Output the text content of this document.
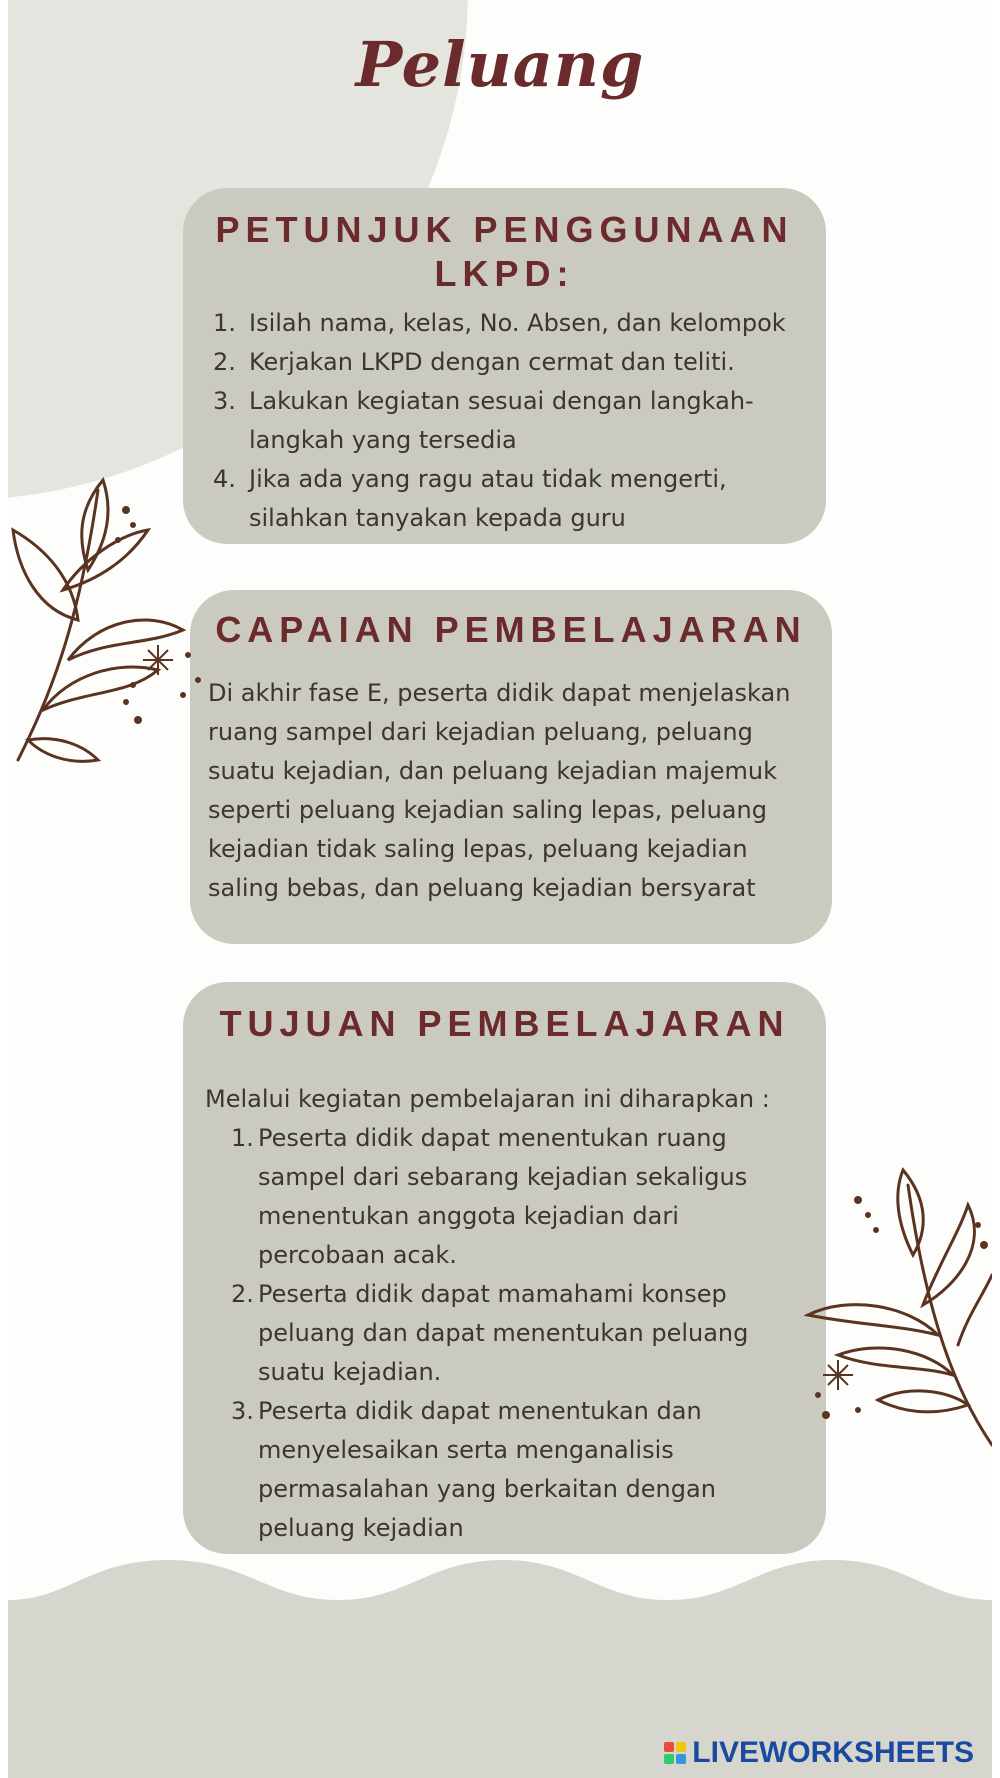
Peluang
PETUNJUK PENGGUNAAN LKPD:
1. Isilah nama, kelas, No. Absen, dan kelompok
2. Kerjakan LKPD dengan cermat dan teliti.
3. Lakukan kegiatan sesuai dengan langkah-langkah yang tersedia
4. Jika ada yang ragu atau tidak mengerti, silahkan tanyakan kepada guru
CAPAIAN PEMBELAJARAN
Di akhir fase E, peserta didik dapat menjelaskan ruang sampel dari kejadian peluang, peluang suatu kejadian, dan peluang kejadian majemuk seperti peluang kejadian saling lepas, peluang kejadian tidak saling lepas, peluang kejadian saling bebas, dan peluang kejadian bersyarat
TUJUAN PEMBELAJARAN
Melalui kegiatan pembelajaran ini diharapkan :
1. Peserta didik dapat menentukan ruang sampel dari sebarang kejadian sekaligus menentukan anggota kejadian dari percobaan acak.
2. Peserta didik dapat mamahami konsep peluang dan dapat menentukan peluang suatu kejadian.
3. Peserta didik dapat menentukan dan menyelesaikan serta menganalisis permasalahan yang berkaitan dengan peluang kejadian
LIVEWORKSHEETS
